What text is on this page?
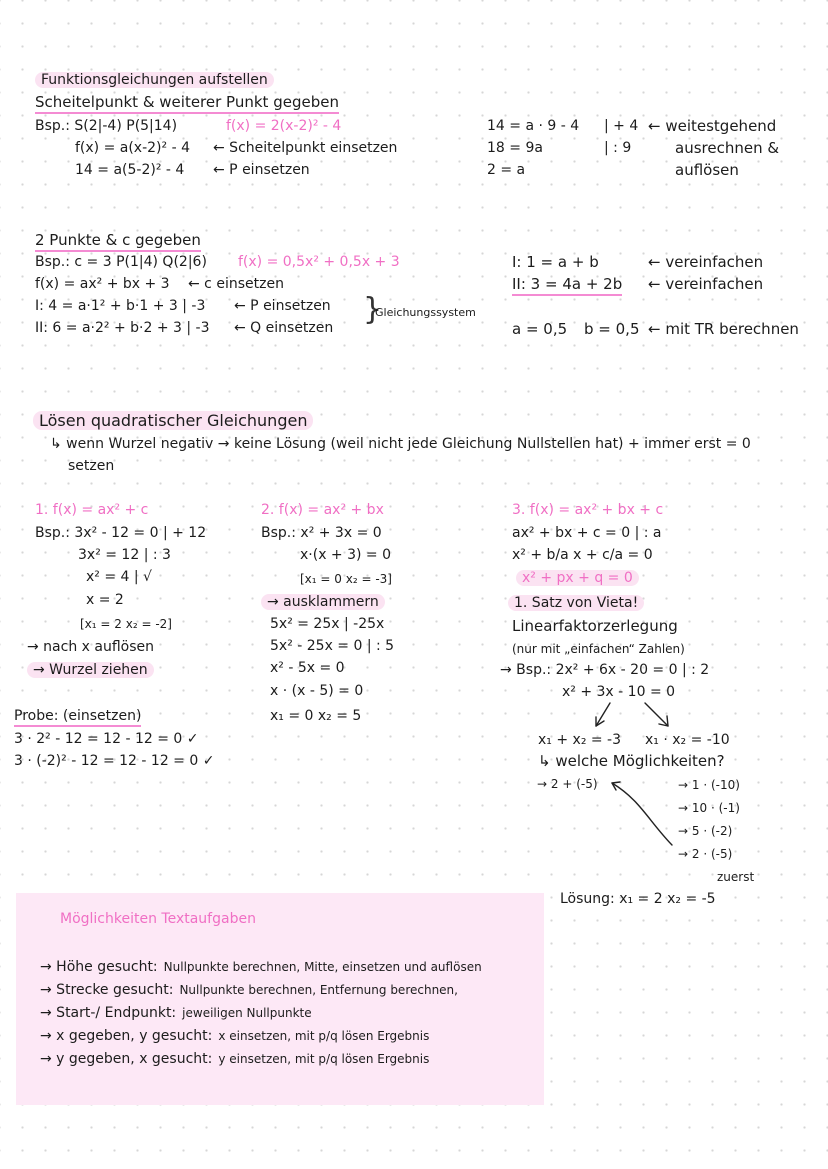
Funktionsgleichungen aufstellen
Scheitelpunkt & weiterer Punkt gegeben
Bsp.: S(2|-4) P(5|14)	f(x) = 2(x-2)² - 4
f(x) = a(x-2)² - 4 ← Scheitelpunkt einsetzen
14 = a(5-2)² - 4 ← P einsetzen
14 = a · 9 - 4 | + 4 ← weitestgehend
18 = 9a	| : 9	ausrechnen &
2 = a	auflösen
2 Punkte & c gegeben
Bsp.: c = 3 P(1|4) Q(2|6) f(x) = 0,5x² + 0,5x + 3
f(x) = ax² + bx + 3 ← c einsetzen
I: 4 = a·1² + b·1 + 3 | -3 ← P einsetzen
II: 6 = a·2² + b·2 + 3 | -3 ← Q einsetzen
}
Gleichungssystem
I: 1 = a + b	← vereinfachen
II: 3 = 4a + 2b ← vereinfachen
a = 0,5 b = 0,5 ← mit TR berechnen
Lösen quadratischer Gleichungen
↳ wenn Wurzel negativ → keine Lösung (weil nicht jede Gleichung Nullstellen hat) + immer erst = 0
setzen
1. f(x) = ax² + c
Bsp.: 3x² - 12 = 0 | + 12
3x² = 12 | : 3
x² = 4 | √
x = 2
[x₁ = 2 x₂ = -2]
→ nach x auflösen
→ Wurzel ziehen
Probe: (einsetzen)
3 · 2² - 12 = 12 - 12 = 0 ✓
3 · (-2)² - 12 = 12 - 12 = 0 ✓
2. f(x) = ax² + bx
Bsp.: x² + 3x = 0
x·(x + 3) = 0
[x₁ = 0 x₂ = -3]
→ ausklammern
5x² = 25x | -25x
5x² - 25x = 0 | : 5
x² - 5x = 0
x · (x - 5) = 0
x₁ = 0 x₂ = 5
3. f(x) = ax² + bx + c
ax² + bx + c = 0 | : a
x² + b/a x + c/a = 0
x² + px + q = 0
1. Satz von Vieta!
Linearfaktorzerlegung
(nur mit „einfachen“ Zahlen)
→ Bsp.: 2x² + 6x - 20 = 0 | : 2
x² + 3x - 10 = 0
x₁ + x₂ = -3 x₁ · x₂ = -10
↳ welche Möglichkeiten?
→ 2 + (-5)	→ 1 · (-10)
→ 10 · (-1)
→ 5 · (-2)
→ 2 · (-5)
zuerst
Lösung: x₁ = 2 x₂ = -5
Möglichkeiten Textaufgaben
→ Höhe gesucht: Nullpunkte berechnen, Mitte, einsetzen und auflösen
→ Strecke gesucht: Nullpunkte berechnen, Entfernung berechnen,
→ Start-/ Endpunkt: jeweiligen Nullpunkte
→ x gegeben, y gesucht: x einsetzen, mit p/q lösen Ergebnis
→ y gegeben, x gesucht: y einsetzen, mit p/q lösen Ergebnis
